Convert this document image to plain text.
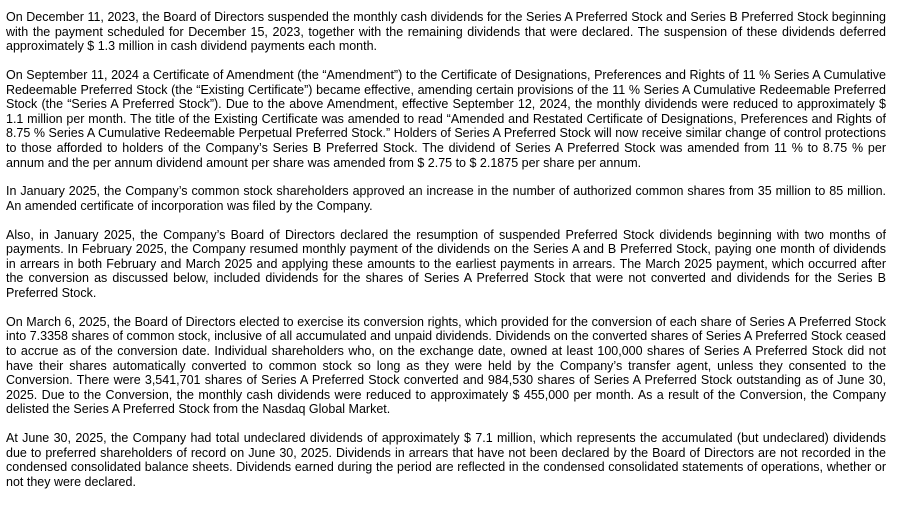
On December 11, 2023, the Board of Directors suspended the monthly cash dividends for the Series A Preferred Stock and Series B Preferred Stock beginning with the payment scheduled for December 15, 2023, together with the remaining dividends that were declared. The suspension of these dividends deferred approximately $ 1.3 million in cash dividend payments each month.

On September 11, 2024 a Certificate of Amendment (the “Amendment”) to the Certificate of Designations, Preferences and Rights of 11 % Series A Cumulative Redeemable Preferred Stock (the “Existing Certificate”) became effective, amending certain provisions of the 11 % Series A Cumulative Redeemable Preferred Stock (the “Series A Preferred Stock”). Due to the above Amendment, effective September 12, 2024, the monthly dividends were reduced to approximately $ 1.1 million per month. The title of the Existing Certificate was amended to read “Amended and Restated Certificate of Designations, Preferences and Rights of 8.75 % Series A Cumulative Redeemable Perpetual Preferred Stock.” Holders of Series A Preferred Stock will now receive similar change of control protections to those afforded to holders of the Company’s Series B Preferred Stock. The dividend of Series A Preferred Stock was amended from 11 % to 8.75 % per annum and the per annum dividend amount per share was amended from $ 2.75 to $ 2.1875 per share per annum.

In January 2025, the Company’s common stock shareholders approved an increase in the number of authorized common shares from 35 million to 85 million. An amended certificate of incorporation was filed by the Company.

Also, in January 2025, the Company’s Board of Directors declared the resumption of suspended Preferred Stock dividends beginning with two months of payments. In February 2025, the Company resumed monthly payment of the dividends on the Series A and B Preferred Stock, paying one month of dividends in arrears in both February and March 2025 and applying these amounts to the earliest payments in arrears. The March 2025 payment, which occurred after the conversion as discussed below, included dividends for the shares of Series A Preferred Stock that were not converted and dividends for the Series B Preferred Stock.

On March 6, 2025, the Board of Directors elected to exercise its conversion rights, which provided for the conversion of each share of Series A Preferred Stock into 7.3358 shares of common stock, inclusive of all accumulated and unpaid dividends. Dividends on the converted shares of Series A Preferred Stock ceased to accrue as of the conversion date. Individual shareholders who, on the exchange date, owned at least 100,000 shares of Series A Preferred Stock did not have their shares automatically converted to common stock so long as they were held by the Company’s transfer agent, unless they consented to the Conversion. There were 3,541,701 shares of Series A Preferred Stock converted and 984,530 shares of Series A Preferred Stock outstanding as of June 30, 2025. Due to the Conversion, the monthly cash dividends were reduced to approximately $ 455,000 per month. As a result of the Conversion, the Company delisted the Series A Preferred Stock from the Nasdaq Global Market.

At June 30, 2025, the Company had total undeclared dividends of approximately $ 7.1 million, which represents the accumulated (but undeclared) dividends due to preferred shareholders of record on June 30, 2025. Dividends in arrears that have not been declared by the Board of Directors are not recorded in the condensed consolidated balance sheets. Dividends earned during the period are reflected in the condensed consolidated statements of operations, whether or not they were declared.
